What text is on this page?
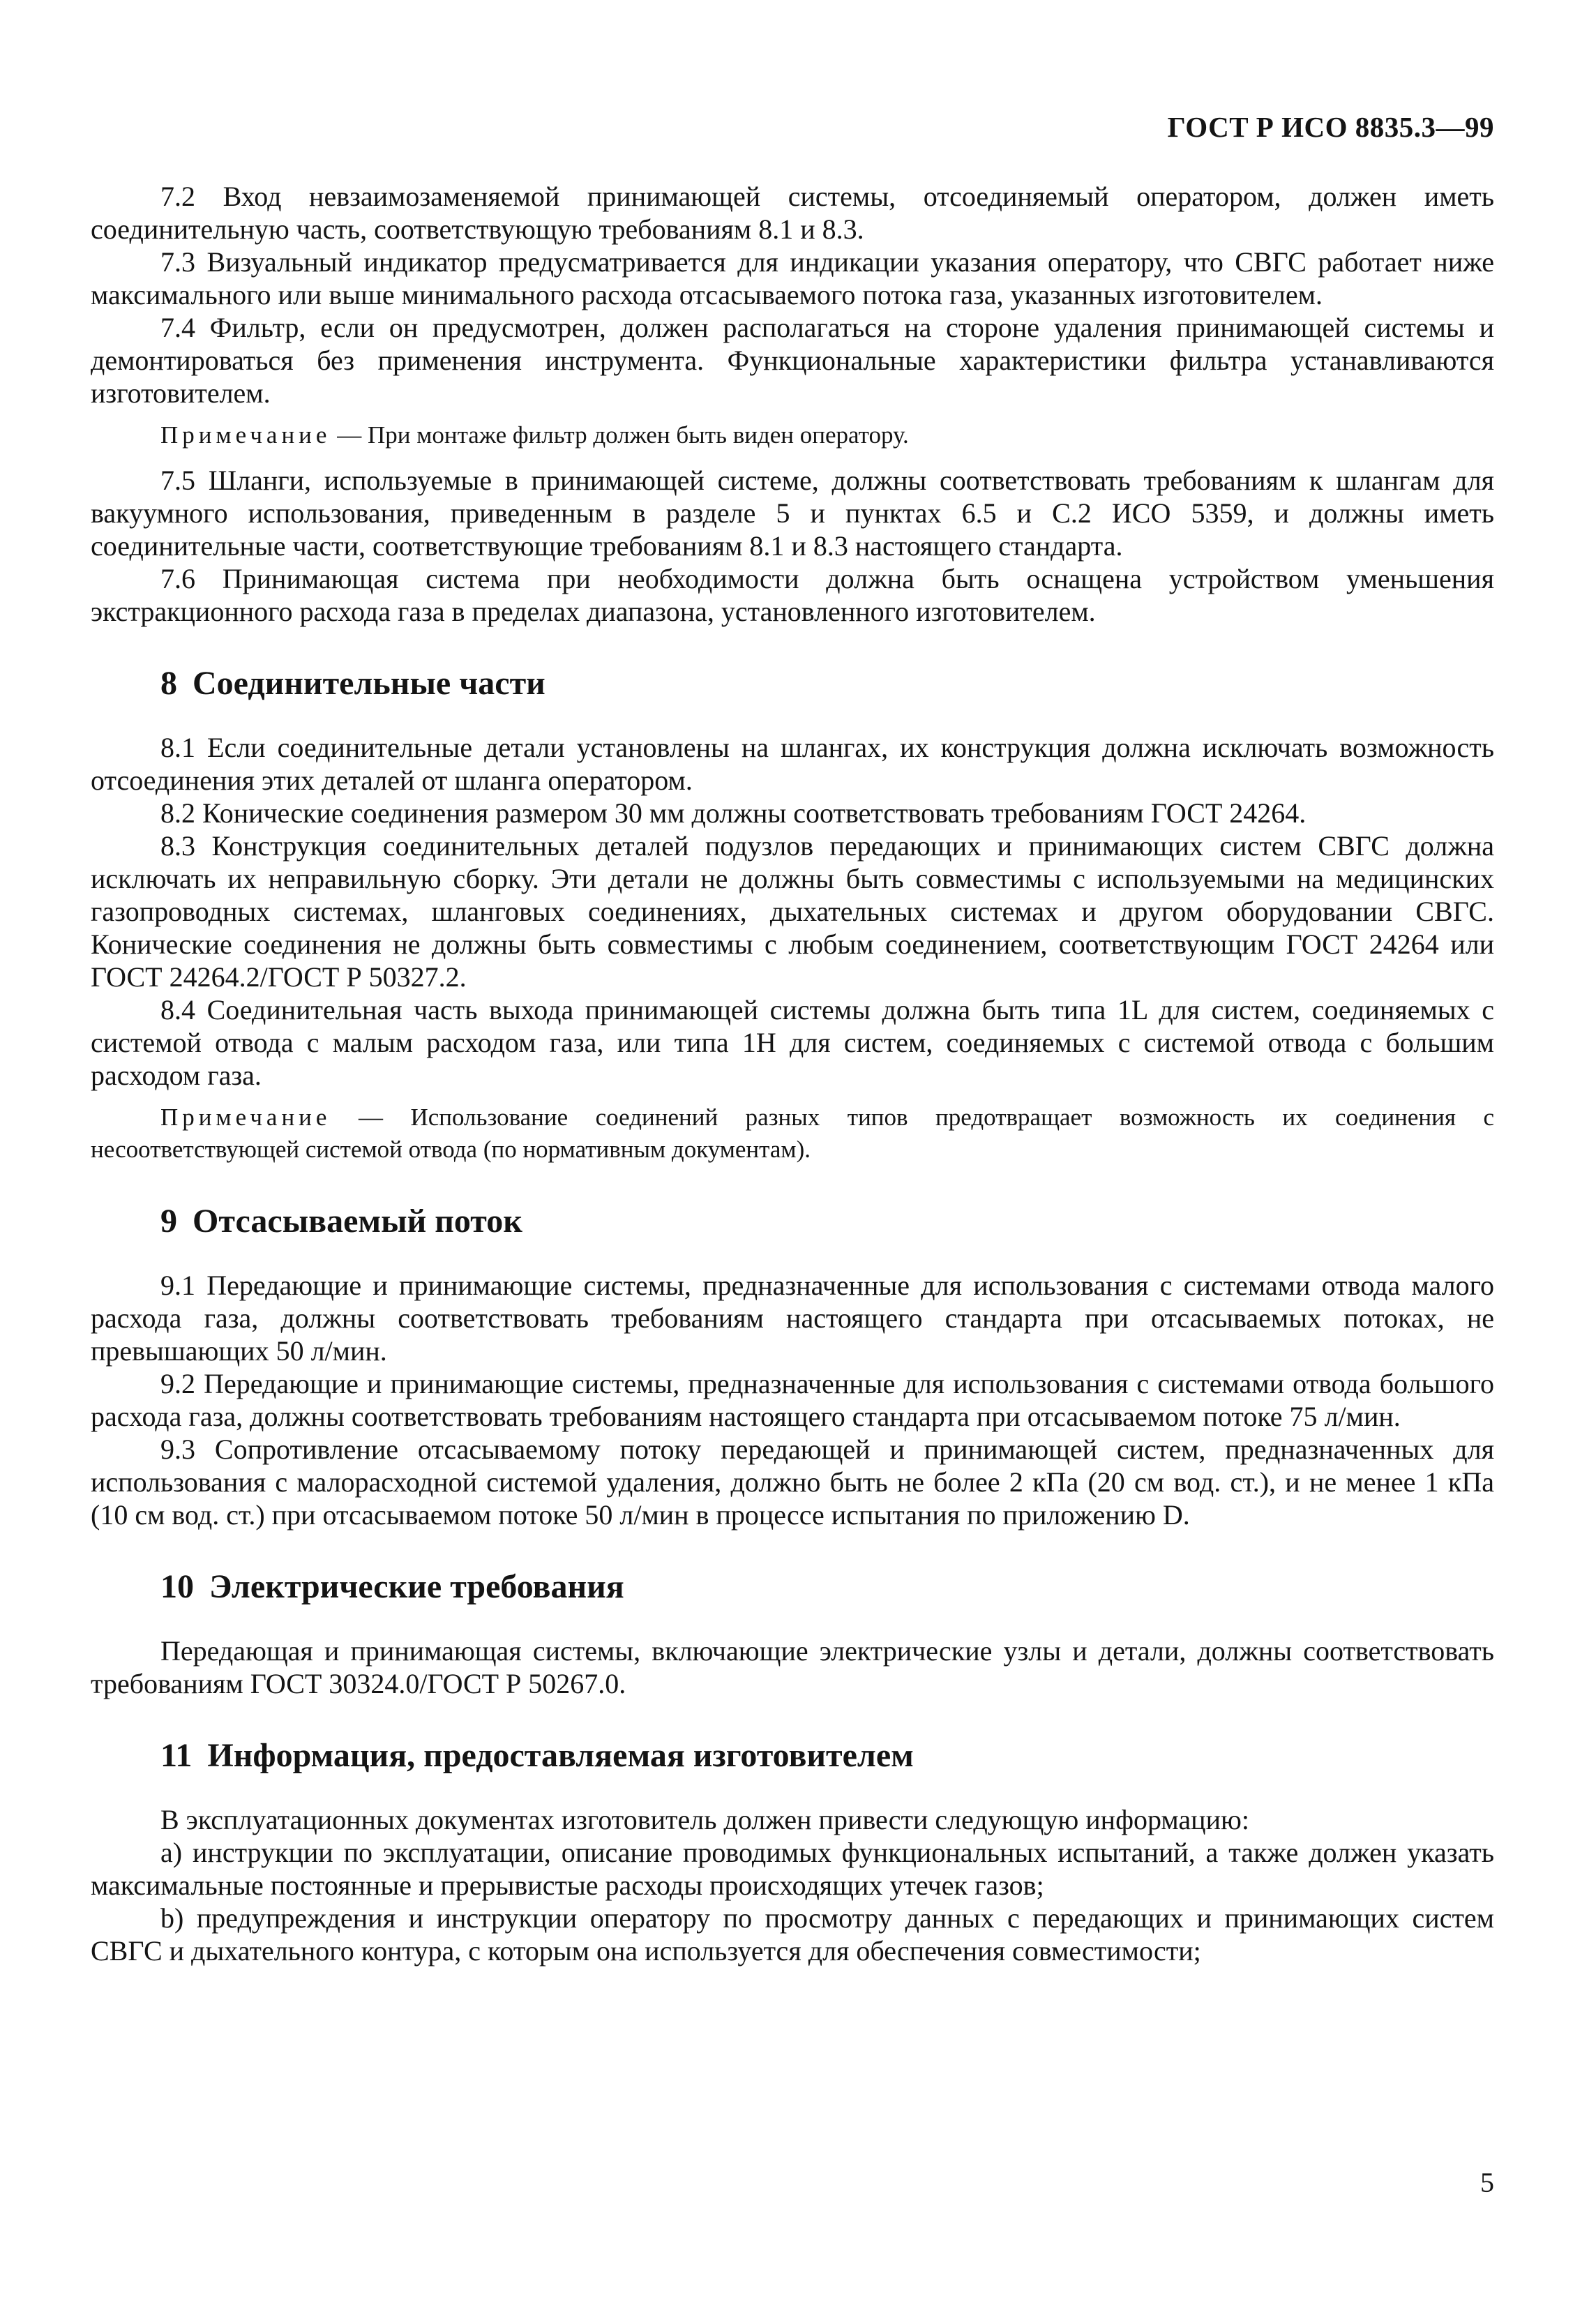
ГОСТ Р ИСО 8835.3—99

7.2 Вход невзаимозаменяемой принимающей системы, отсоединяемый оператором, должен иметь соединительную часть, соответствующую требованиям 8.1 и 8.3.

7.3 Визуальный индикатор предусматривается для индикации указания оператору, что СВГС работает ниже максимального или выше минимального расхода отсасываемого потока газа, указанных изготовителем.

7.4 Фильтр, если он предусмотрен, должен располагаться на стороне удаления принимающей системы и демонтироваться без применения инструмента. Функциональные характеристики фильтра устанавливаются изготовителем.

Примечание — При монтаже фильтр должен быть виден оператору.

7.5 Шланги, используемые в принимающей системе, должны соответствовать требованиям к шлангам для вакуумного использования, приведенным в разделе 5 и пунктах 6.5 и С.2 ИСО 5359, и должны иметь соединительные части, соответствующие требованиям 8.1 и 8.3 настоящего стандарта.

7.6 Принимающая система при необходимости должна быть оснащена устройством уменьшения экстракционного расхода газа в пределах диапазона, установленного изготовителем.

8 Соединительные части

8.1 Если соединительные детали установлены на шлангах, их конструкция должна исключать возможность отсоединения этих деталей от шланга оператором.

8.2 Конические соединения размером 30 мм должны соответствовать требованиям ГОСТ 24264.

8.3 Конструкция соединительных деталей подузлов передающих и принимающих систем СВГС должна исключать их неправильную сборку. Эти детали не должны быть совместимы с используемыми на медицинских газопроводных системах, шланговых соединениях, дыхательных системах и другом оборудовании СВГС. Конические соединения не должны быть совместимы с любым соединением, соответствующим ГОСТ 24264 или ГОСТ 24264.2/ГОСТ Р 50327.2.

8.4 Соединительная часть выхода принимающей системы должна быть типа 1L для систем, соединяемых с системой отвода с малым расходом газа, или типа 1Н для систем, соединяемых с системой отвода с большим расходом газа.

Примечание — Использование соединений разных типов предотвращает возможность их соединения с несоответствующей системой отвода (по нормативным документам).

9 Отсасываемый поток

9.1 Передающие и принимающие системы, предназначенные для использования с системами отвода малого расхода газа, должны соответствовать требованиям настоящего стандарта при отсасываемых потоках, не превышающих 50 л/мин.

9.2 Передающие и принимающие системы, предназначенные для использования с системами отвода большого расхода газа, должны соответствовать требованиям настоящего стандарта при отсасываемом потоке 75 л/мин.

9.3 Сопротивление отсасываемому потоку передающей и принимающей систем, предназначенных для использования с малорасходной системой удаления, должно быть не более 2 кПа (20 см вод. ст.), и не менее 1 кПа (10 см вод. ст.) при отсасываемом потоке 50 л/мин в процессе испытания по приложению D.

10 Электрические требования

Передающая и принимающая системы, включающие электрические узлы и детали, должны соответствовать требованиям ГОСТ 30324.0/ГОСТ Р 50267.0.

11 Информация, предоставляемая изготовителем

В эксплуатационных документах изготовитель должен привести следующую информацию:

a) инструкции по эксплуатации, описание проводимых функциональных испытаний, а также должен указать максимальные постоянные и прерывистые расходы происходящих утечек газов;

b) предупреждения и инструкции оператору по просмотру данных с передающих и принимающих систем СВГС и дыхательного контура, с которым она используется для обеспечения совместимости;

5
